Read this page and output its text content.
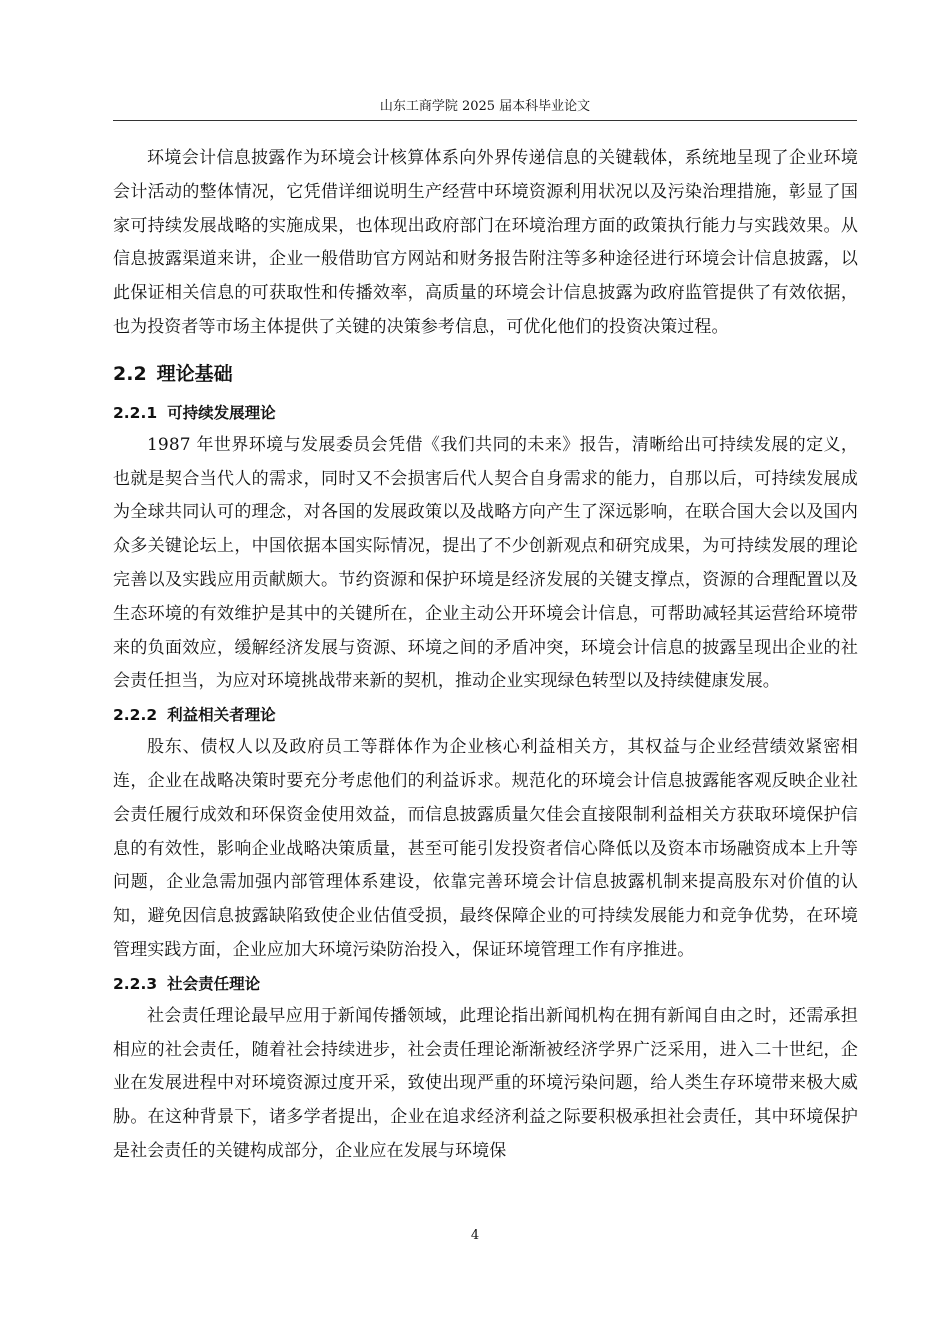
山东工商学院 2025 届本科毕业论文

环境会计信息披露作为环境会计核算体系向外界传递信息的关键载体，系统地呈现了企业环境会计活动的整体情况，它凭借详细说明生产经营中环境资源利用状况以及污染治理措施，彰显了国家可持续发展战略的实施成果，也体现出政府部门在环境治理方面的政策执行能力与实践效果。从信息披露渠道来讲，企业一般借助官方网站和财务报告附注等多种途径进行环境会计信息披露，以此保证相关信息的可获取性和传播效率，高质量的环境会计信息披露为政府监管提供了有效依据，也为投资者等市场主体提供了关键的决策参考信息，可优化他们的投资决策过程。

2.2 理论基础
2.2.1 可持续发展理论

1987 年世界环境与发展委员会凭借《我们共同的未来》报告，清晰给出可持续发展的定义，也就是契合当代人的需求，同时又不会损害后代人契合自身需求的能力，自那以后，可持续发展成为全球共同认可的理念，对各国的发展政策以及战略方向产生了深远影响，在联合国大会以及国内众多关键论坛上，中国依据本国实际情况，提出了不少创新观点和研究成果，为可持续发展的理论完善以及实践应用贡献颇大。节约资源和保护环境是经济发展的关键支撑点，资源的合理配置以及生态环境的有效维护是其中的关键所在，企业主动公开环境会计信息，可帮助减轻其运营给环境带来的负面效应，缓解经济发展与资源、环境之间的矛盾冲突，环境会计信息的披露呈现出企业的社会责任担当，为应对环境挑战带来新的契机，推动企业实现绿色转型以及持续健康发展。

2.2.2 利益相关者理论

股东、债权人以及政府员工等群体作为企业核心利益相关方，其权益与企业经营绩效紧密相连，企业在战略决策时要充分考虑他们的利益诉求。规范化的环境会计信息披露能客观反映企业社会责任履行成效和环保资金使用效益，而信息披露质量欠佳会直接限制利益相关方获取环境保护信息的有效性，影响企业战略决策质量，甚至可能引发投资者信心降低以及资本市场融资成本上升等问题，企业急需加强内部管理体系建设，依靠完善环境会计信息披露机制来提高股东对价值的认知，避免因信息披露缺陷致使企业估值受损，最终保障企业的可持续发展能力和竞争优势，在环境管理实践方面，企业应加大环境污染防治投入，保证环境管理工作有序推进。

2.2.3 社会责任理论

社会责任理论最早应用于新闻传播领域，此理论指出新闻机构在拥有新闻自由之时，还需承担相应的社会责任，随着社会持续进步，社会责任理论渐渐被经济学界广泛采用，进入二十世纪，企业在发展进程中对环境资源过度开采，致使出现严重的环境污染问题，给人类生存环境带来极大威胁。在这种背景下，诸多学者提出，企业在追求经济利益之际要积极承担社会责任，其中环境保护是社会责任的关键构成部分，企业应在发展与环境保

4
